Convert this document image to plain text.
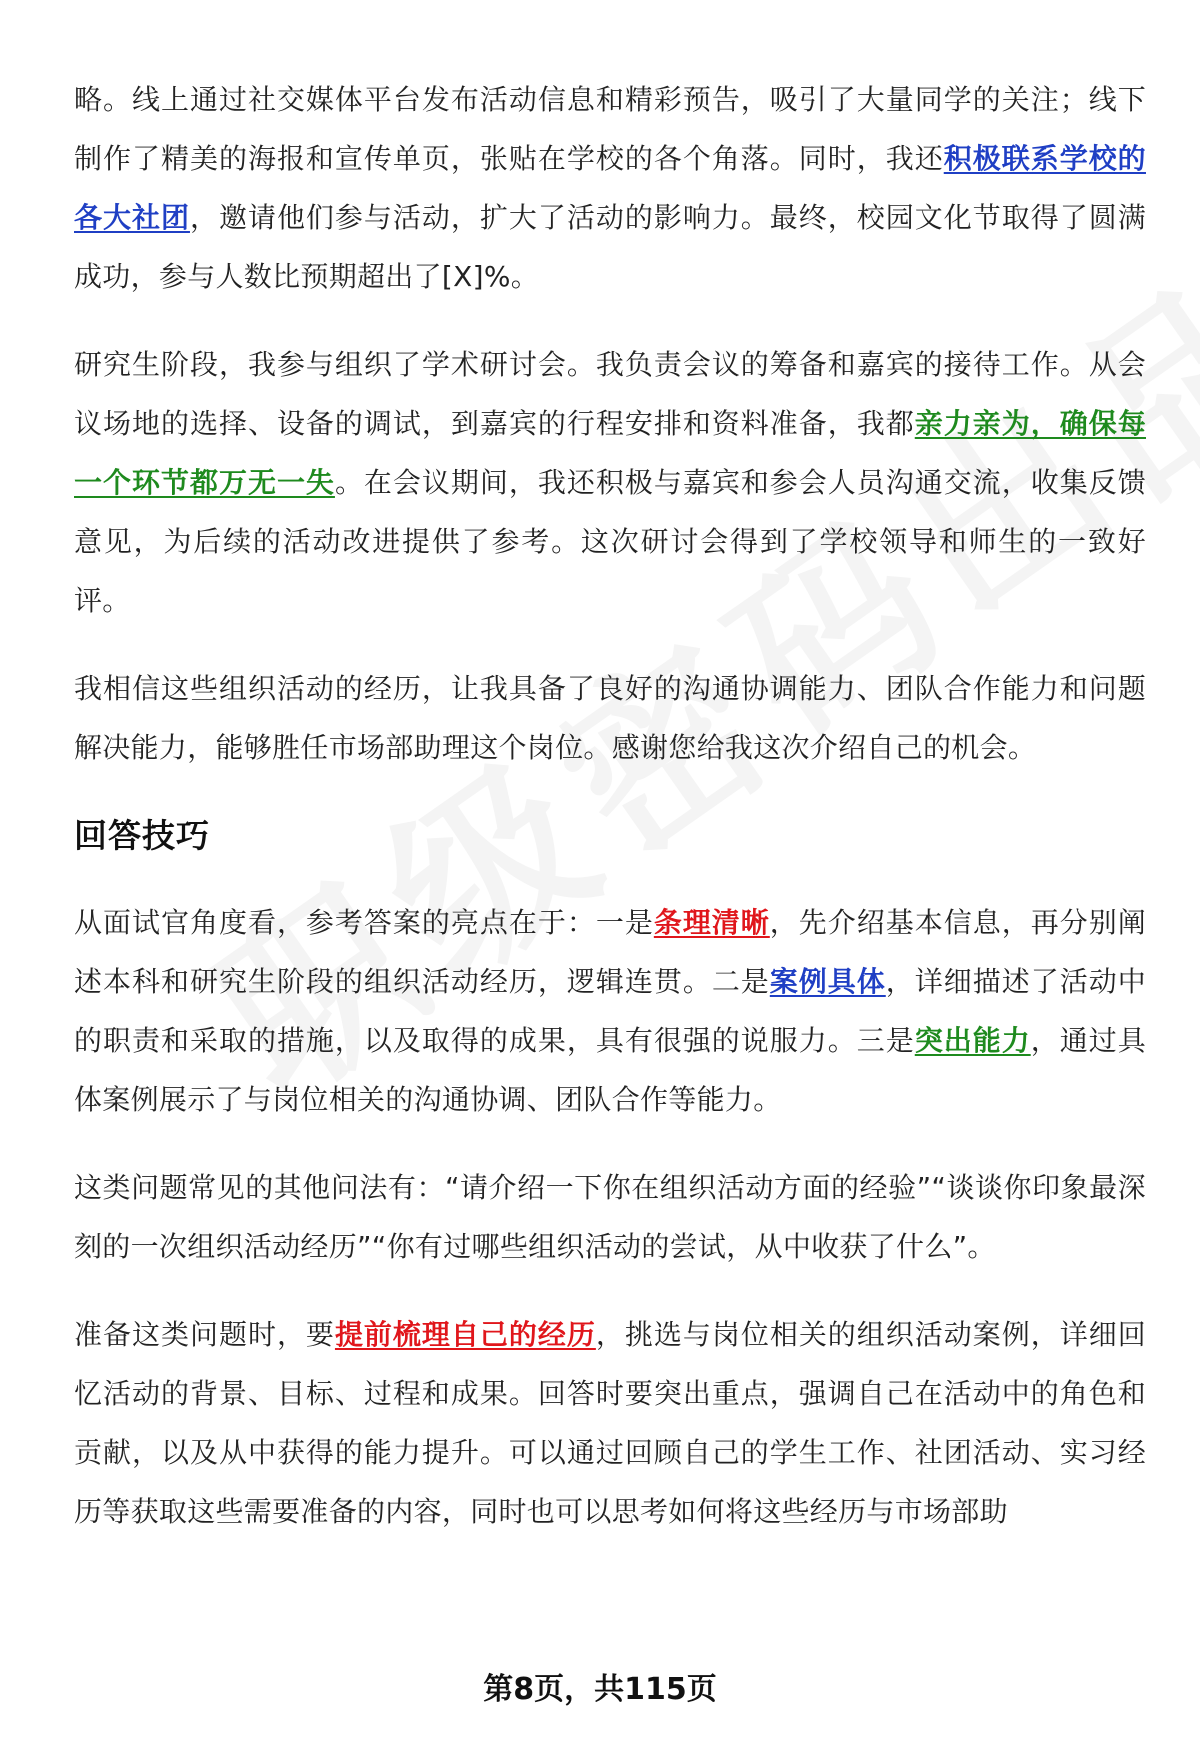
略。线上通过社交媒体平台发布活动信息和精彩预告，吸引了大量同学的关注；线下制作了精美的海报和宣传单页，张贴在学校的各个角落。同时，我还积极联系学校的各大社团，邀请他们参与活动，扩大了活动的影响力。最终，校园文化节取得了圆满成功，参与人数比预期超出了[X]%。

研究生阶段，我参与组织了学术研讨会。我负责会议的筹备和嘉宾的接待工作。从会议场地的选择、设备的调试，到嘉宾的行程安排和资料准备，我都亲力亲为，确保每一个环节都万无一失。在会议期间，我还积极与嘉宾和参会人员沟通交流，收集反馈意见，为后续的活动改进提供了参考。这次研讨会得到了学校领导和师生的一致好评。

我相信这些组织活动的经历，让我具备了良好的沟通协调能力、团队合作能力和问题解决能力，能够胜任市场部助理这个岗位。感谢您给我这次介绍自己的机会。

回答技巧

从面试官角度看，参考答案的亮点在于：一是条理清晰，先介绍基本信息，再分别阐述本科和研究生阶段的组织活动经历，逻辑连贯。二是案例具体，详细描述了活动中的职责和采取的措施，以及取得的成果，具有很强的说服力。三是突出能力，通过具体案例展示了与岗位相关的沟通协调、团队合作等能力。

这类问题常见的其他问法有：“请介绍一下你在组织活动方面的经验”“谈谈你印象最深刻的一次组织活动经历”“你有过哪些组织活动的尝试，从中收获了什么”。

准备这类问题时，要提前梳理自己的经历，挑选与岗位相关的组织活动案例，详细回忆活动的背景、目标、过程和成果。回答时要突出重点，强调自己在活动中的角色和贡献，以及从中获得的能力提升。可以通过回顾自己的学生工作、社团活动、实习经历等获取这些需要准备的内容，同时也可以思考如何将这些经历与市场部助

第8页，共115页
